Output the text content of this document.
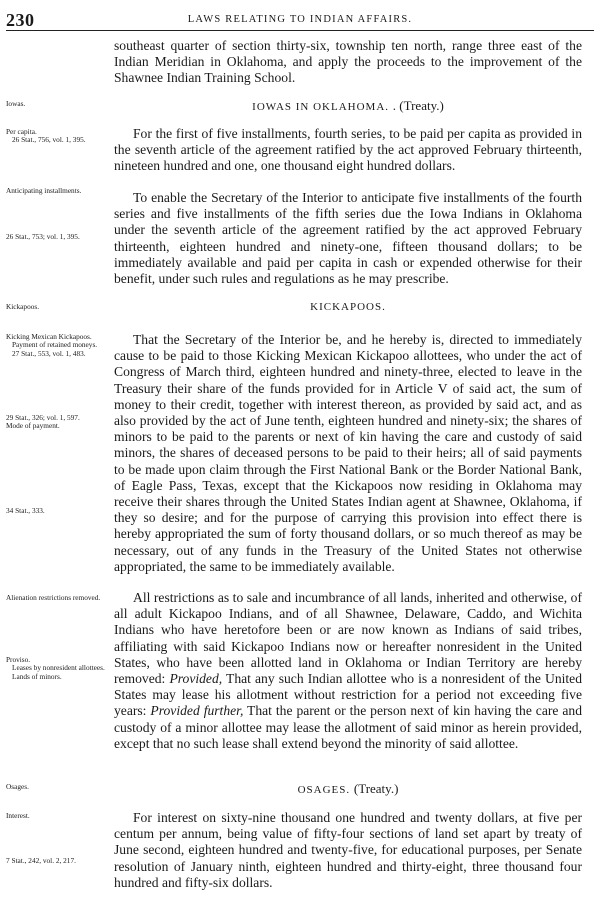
230	LAWS RELATING TO INDIAN AFFAIRS.

southeast quarter of section thirty-six, township ten north, range three east of the Indian Meridian in Oklahoma, and apply the proceeds to the improvement of the Shawnee Indian Training School.

IOWAS IN OKLAHOMA. . (Treaty.)

For the first of five installments, fourth series, to be paid per capita as provided in the seventh article of the agreement ratified by the act approved February thirteenth, nineteen hundred and one, one thousand eight hundred dollars.

To enable the Secretary of the Interior to anticipate five installments of the fourth series and five installments of the fifth series due the Iowa Indians in Oklahoma under the seventh article of the agreement ratified by the act approved February thirteenth, eighteen hundred and ninety-one, fifteen thousand dollars; to be immediately available and paid per capita in cash or expended otherwise for their benefit, under such rules and regulations as he may prescribe.

KICKAPOOS.

That the Secretary of the Interior be, and he hereby is, directed to immediately cause to be paid to those Kicking Mexican Kickapoo allottees, who under the act of Congress of March third, eighteen hundred and ninety-three, elected to leave in the Treasury their share of the funds provided for in Article V of said act, the sum of money to their credit, together with interest thereon, as provided by said act, and as also provided by the act of June tenth, eighteen hundred and ninety-six; the shares of minors to be paid to the parents or next of kin having the care and custody of said minors, the shares of deceased persons to be paid to their heirs; all of said payments to be made upon claim through the First National Bank or the Border National Bank, of Eagle Pass, Texas, except that the Kickapoos now residing in Oklahoma may receive their shares through the United States Indian agent at Shawnee, Oklahoma, if they so desire; and for the purpose of carrying this provision into effect there is hereby appropriated the sum of forty thousand dollars, or so much thereof as may be necessary, out of any funds in the Treasury of the United States not otherwise appropriated, the same to be immediately available.

All restrictions as to sale and incumbrance of all lands, inherited and otherwise, of all adult Kickapoo Indians, and of all Shawnee, Delaware, Caddo, and Wichita Indians who have heretofore been or are now known as Indians of said tribes, affiliating with said Kickapoo Indians now or hereafter nonresident in the United States, who have been allotted land in Oklahoma or Indian Territory are hereby removed: Provided, That any such Indian allottee who is a nonresident of the United States may lease his allotment without restriction for a period not exceeding five years: Provided further, That the parent or the person next of kin having the care and custody of a minor allottee may lease the allotment of said minor as herein provided, except that no such lease shall extend beyond the minority of said allottee.

OSAGES. (Treaty.)

For interest on sixty-nine thousand one hundred and twenty dollars, at five per centum per annum, being value of fifty-four sections of land set apart by treaty of June second, eighteen hundred and twenty-five, for educational purposes, per Senate resolution of January ninth, eighteen hundred and thirty-eight, three thousand four hundred and fifty-six dollars.

Iowas.
Per capita.
26 Stat., 756, vol. 1, 395.
Anticipating installments.
26 Stat., 753; vol. 1, 395.
Kickapoos.
Kicking Mexican Kickapoos.
Payment of retained moneys.
27 Stat., 553, vol. 1, 483.
29 Stat., 326; vol. 1, 597.
Mode of payment.
34 Stat., 333.
Alienation restrictions removed.
Proviso.
Leases by nonresident allottees.
Lands of minors.
Osages.
Interest.
7 Stat., 242, vol. 2, 217.
